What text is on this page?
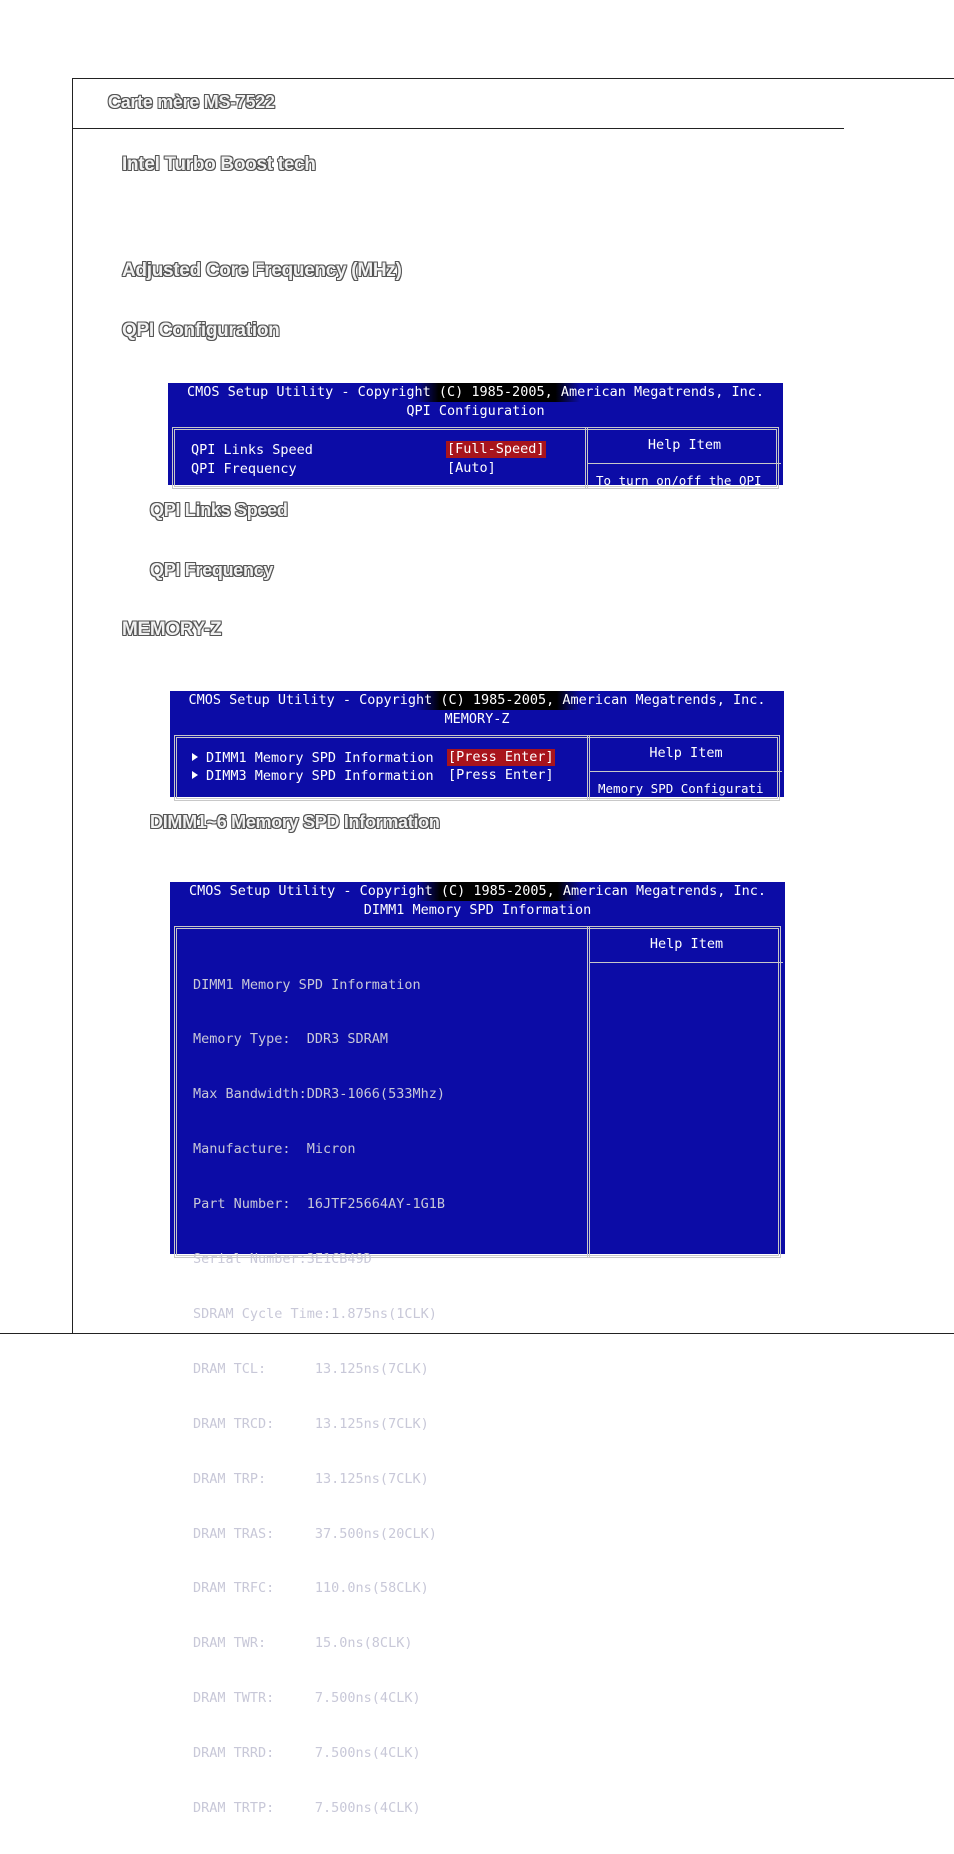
Carte mère MS-7522
Intel Turbo Boost tech
Adjusted Core Frequency (MHz)
QPI Configuration
CMOS Setup Utility - Copyright (C) 1985-2005, American Megatrends, Inc.
QPI Configuration
Help Item
To turn on/off the QPI
QPI Links Speed	[Full-Speed]
QPI Frequency	[Auto]
QPI Links Speed
QPI Frequency
MEMORY-Z
CMOS Setup Utility - Copyright (C) 1985-2005, American Megatrends, Inc.
MEMORY-Z
Help Item
Memory SPD Configurati
DIMM1 Memory SPD Information [Press Enter]
DIMM3 Memory SPD Information [Press Enter]
DIMM1~6 Memory SPD Information
CMOS Setup Utility - Copyright (C) 1985-2005, American Megatrends, Inc.
DIMM1 Memory SPD Information
Help Item

DIMM1 Memory SPD Information

Memory Type:  DDR3 SDRAM

Max Bandwidth:DDR3-1066(533Mhz)

Manufacture:  Micron

Part Number:  16JTF25664AY-1G1B

Serial Number:3E1CB49D

SDRAM Cycle Time:1.875ns(1CLK)

DRAM TCL:      13.125ns(7CLK)

DRAM TRCD:     13.125ns(7CLK)

DRAM TRP:      13.125ns(7CLK)

DRAM TRAS:     37.500ns(20CLK)

DRAM TRFC:     110.0ns(58CLK)

DRAM TWR:      15.0ns(8CLK)

DRAM TWTR:     7.500ns(4CLK)

DRAM TRRD:     7.500ns(4CLK)

DRAM TRTP:     7.500ns(4CLK)
